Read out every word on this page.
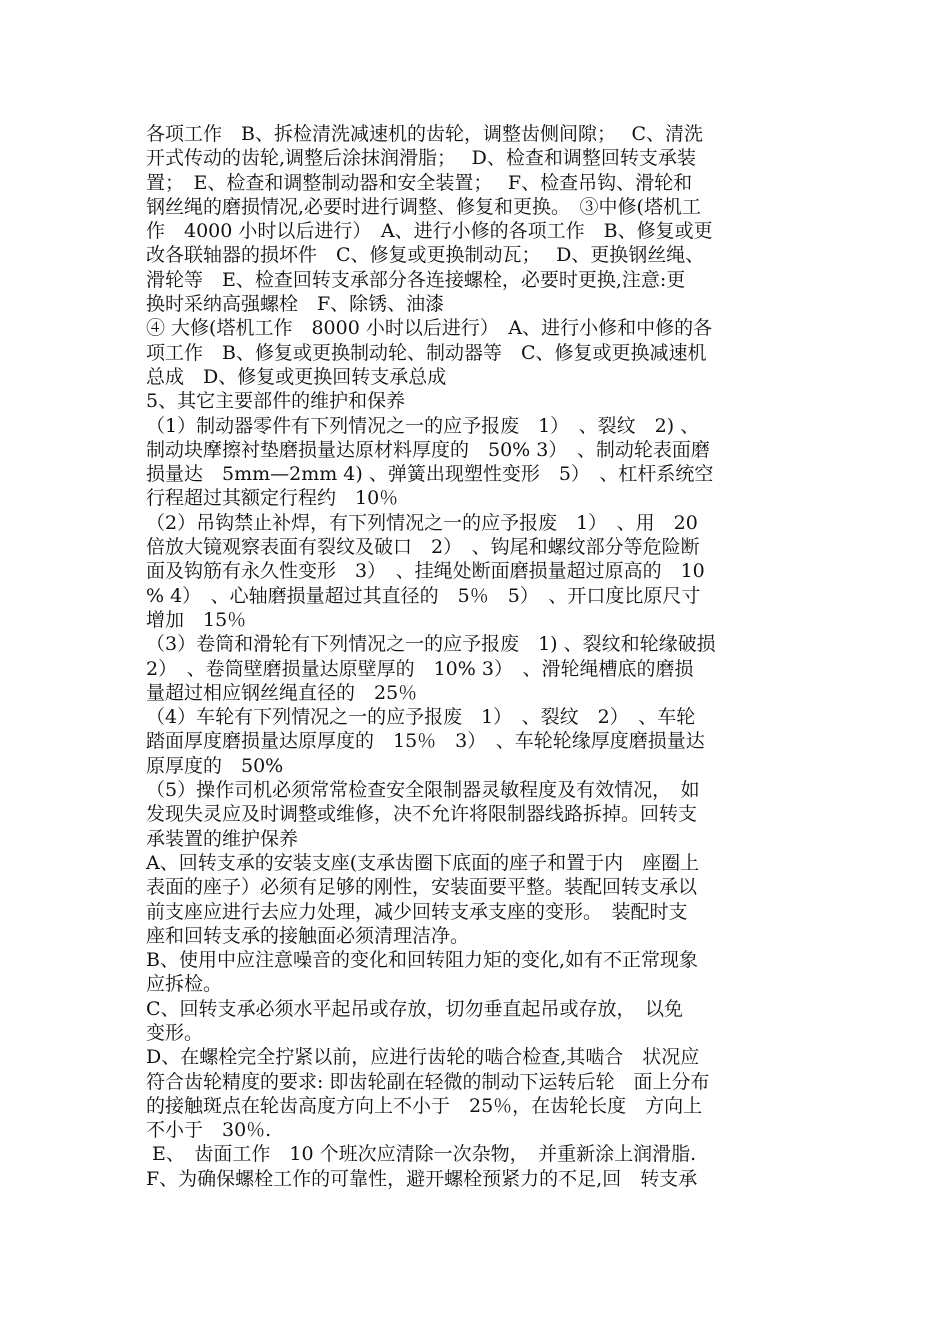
各项工作　B、拆检清洗减速机的齿轮，调整齿侧间隙；　 C、清洗
开式传动的齿轮,调整后涂抹润滑脂；　 D、检查和调整回转支承装
置；　E、检查和调整制动器和安全装置；　 F、检查吊钩、滑轮和
钢丝绳的磨损情况,必要时进行调整、修复和更换。　③中修(塔机工
作　4000 小时以后进行）　A、进行小修的各项工作　B、修复或更
改各联轴器的损坏件　C、修复或更换制动瓦；　 D、更换钢丝绳、
滑轮等　E、检查回转支承部分各连接螺栓，必要时更换,注意:更
换时采纳高强螺栓　F、除锈、油漆
④ 大修(塔机工作　8000 小时以后进行）　A、进行小修和中修的各
项工作　B、修复或更换制动轮、制动器等　C、修复或更换减速机
总成　D、修复或更换回转支承总成
5、其它主要部件的维护和保养
（1）制动器零件有下列情况之一的应予报废　1）　、裂纹　2) 、
制动块摩擦衬垫磨损量达原材料厚度的　50% 3）　、制动轮表面磨
损量达　5mm—2mm 4) 、弹簧出现塑性变形　5）　、杠杆系统空
行程超过其额定行程约　10％
（2）吊钩禁止补焊，有下列情况之一的应予报废　1）　、用　20
倍放大镜观察表面有裂纹及破口　2）　、钩尾和螺纹部分等危险断
面及钩筋有永久性变形　3）　、挂绳处断面磨损量超过原高的　10
% 4）　、心轴磨损量超过其直径的　5％　5）　、开口度比原尺寸
增加　15％
（3）卷筒和滑轮有下列情况之一的应予报废　1) 、裂纹和轮缘破损
2）　、卷筒壁磨损量达原壁厚的　10% 3）　、滑轮绳槽底的磨损
量超过相应钢丝绳直径的　25％
（4）车轮有下列情况之一的应予报废　1）　、裂纹　2）　、车轮
踏面厚度磨损量达原厚度的　15％　3）　、车轮轮缘厚度磨损量达
原厚度的　50%
（5）操作司机必须常常检查安全限制器灵敏程度及有效情况，　如
发现失灵应及时调整或维修，决不允许将限制器线路拆掉。回转支
承装置的维护保养
A、回转支承的安装支座(支承齿圈下底面的座子和置于内　座圈上
表面的座子）必须有足够的刚性，安装面要平整。装配回转支承以
前支座应进行去应力处理，减少回转支承支座的变形。　装配时支
座和回转支承的接触面必须清理洁净。
B、使用中应注意噪音的变化和回转阻力矩的变化,如有不正常现象
应拆检。
C、回转支承必须水平起吊或存放，切勿垂直起吊或存放，　以免
变形。
D、在螺栓完全拧紧以前，应进行齿轮的啮合检查,其啮合　状况应
符合齿轮精度的要求: 即齿轮副在轻微的制动下运转后轮　面上分布
的接触斑点在轮齿高度方向上不小于　25％，在齿轮长度　方向上
不小于　30％.
E、　齿面工作　10 个班次应清除一次杂物，　并重新涂上润滑脂.
F、为确保螺栓工作的可靠性，避开螺栓预紧力的不足,回　转支承
